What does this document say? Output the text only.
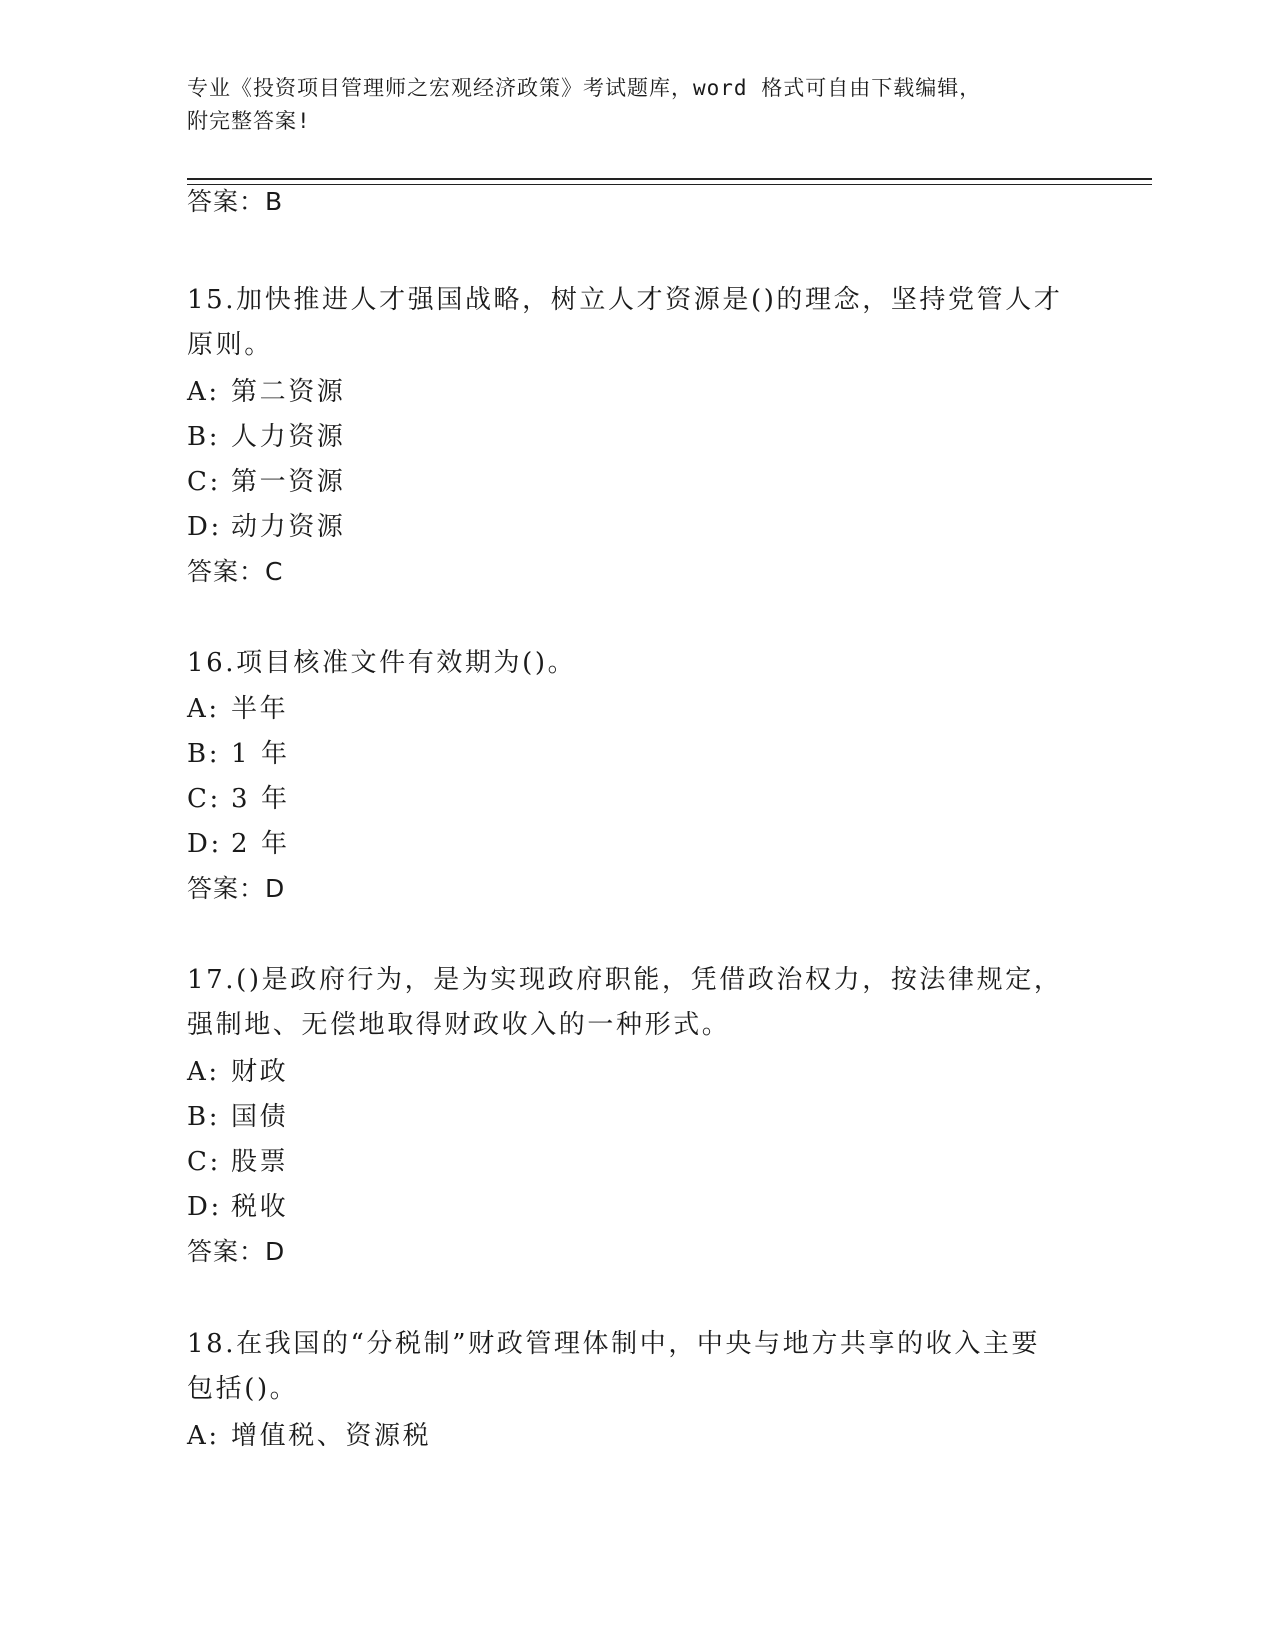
专业《投资项目管理师之宏观经济政策》考试题库，word 格式可自由下载编辑，
附完整答案!
答案：B
15.加快推进人才强国战略，树立人才资源是()的理念，坚持党管人才原则。
A: 第二资源
B: 人力资源
C: 第一资源
D: 动力资源
答案：C
16.项目核准文件有效期为()。
A: 半年
B: 1 年
C: 3 年
D: 2 年
答案：D
17.()是政府行为，是为实现政府职能，凭借政治权力，按法律规定，强制地、无偿地取得财政收入的一种形式。
A: 财政
B: 国债
C: 股票
D: 税收
答案：D
18.在我国的“分税制”财政管理体制中，中央与地方共享的收入主要包括()。
A: 增值税、资源税
